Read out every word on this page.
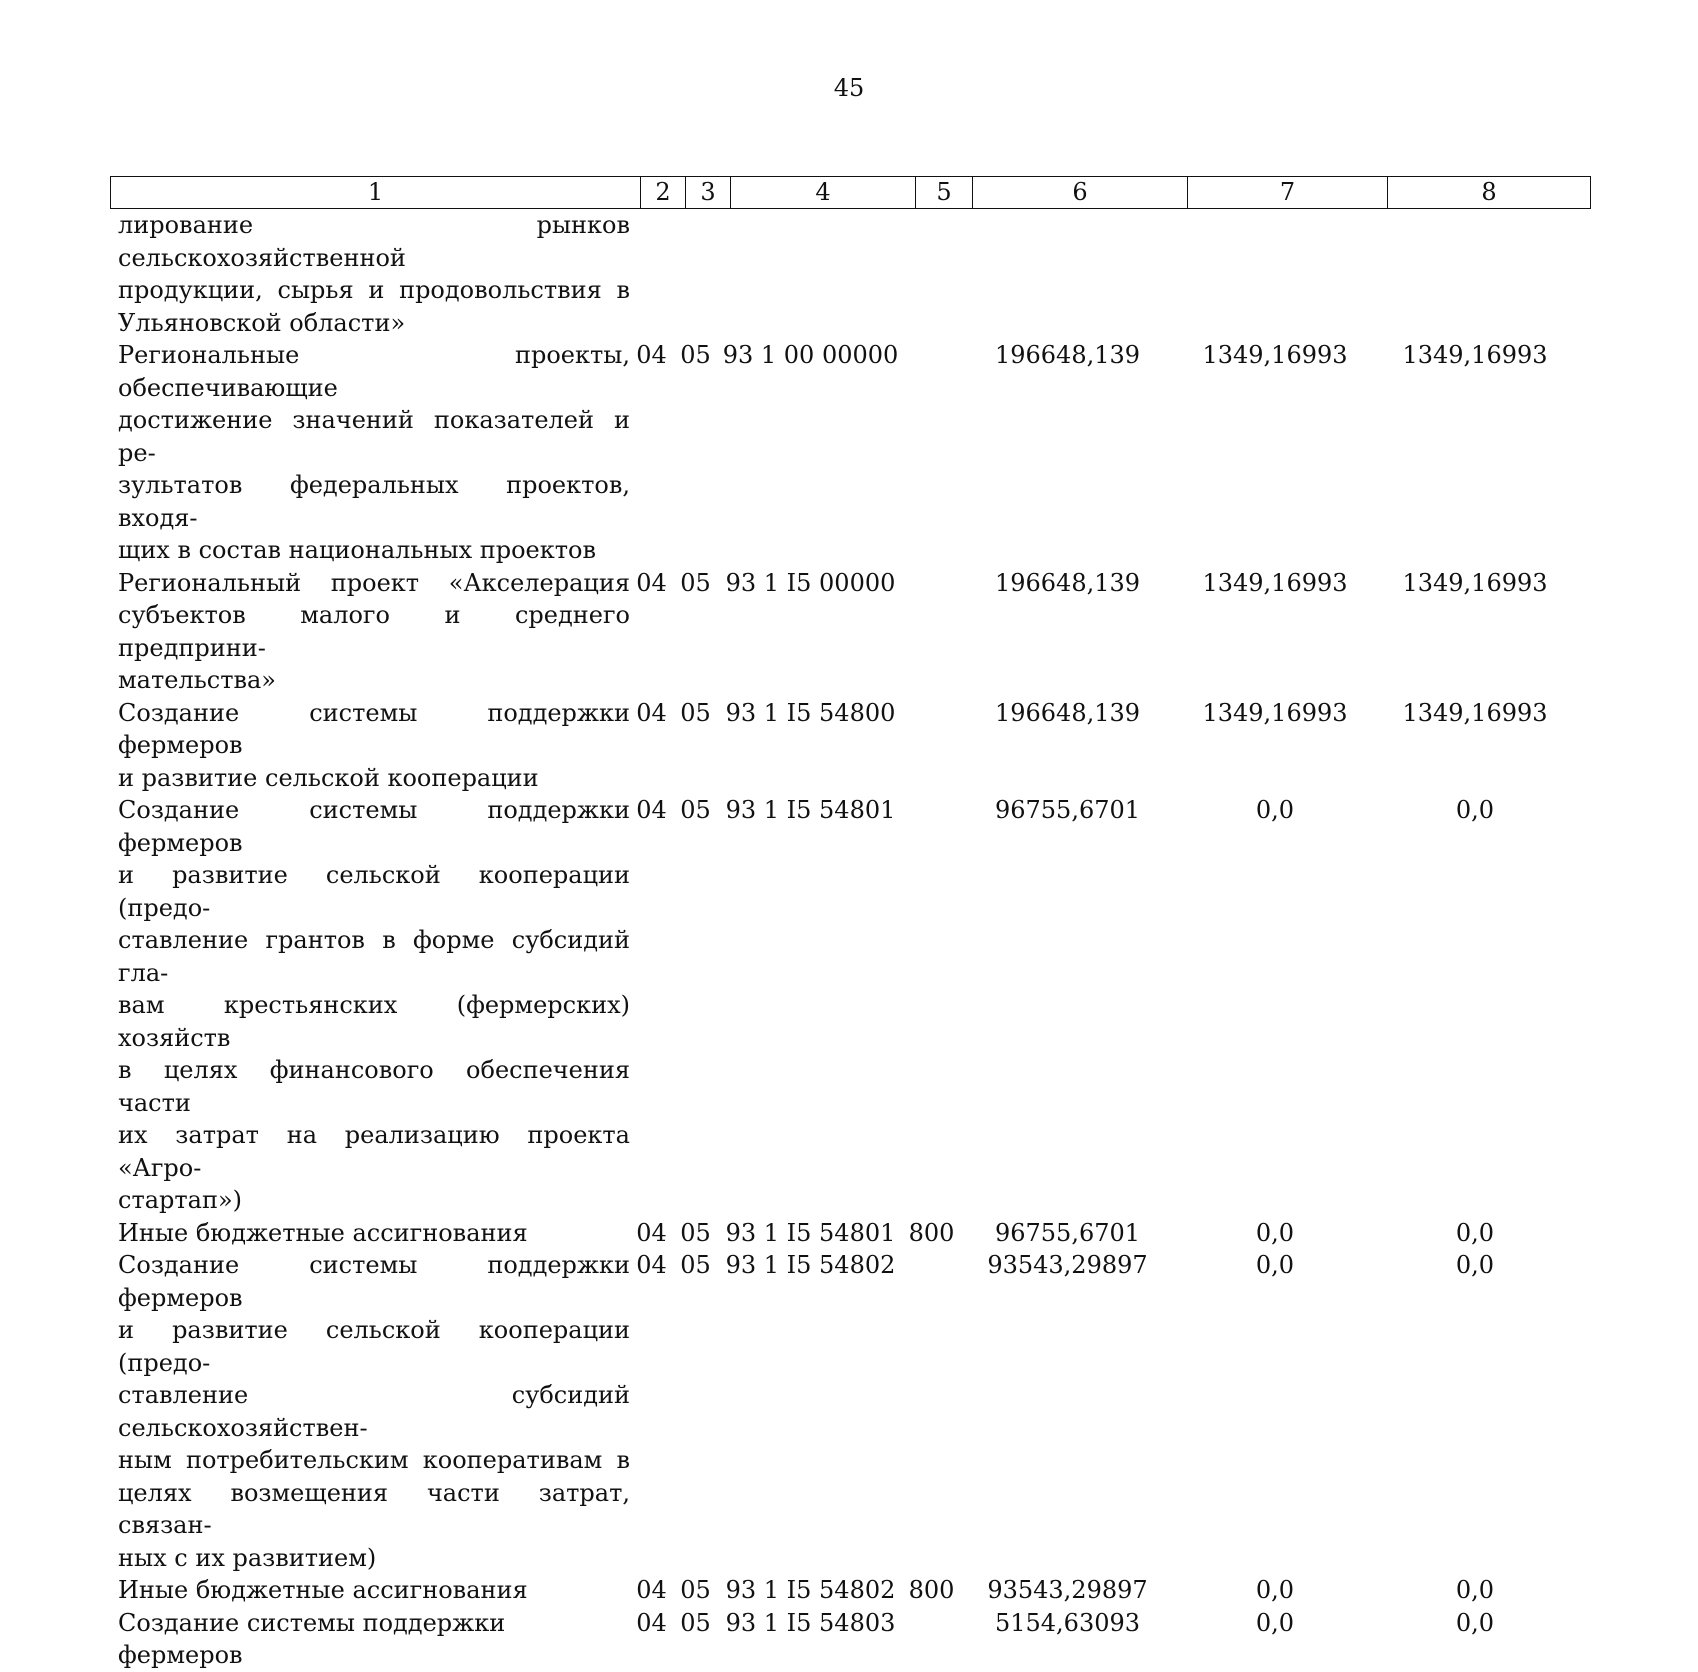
45
1	2	3	4	5	6	7	8
лирование рынков сельскохозяйственной
продукции, сырья и продовольствия в
Ульяновской области»
Региональные проекты, обеспечивающие
достижение значений показателей и ре-
зультатов федеральных проектов, входя-
щих в состав национальных проектов
04 05 93 1 00 00000	196648,139	1349,16993	1349,16993
Региональный проект «Акселерация
субъектов малого и среднего предприни-
мательства»
04 05 93 1 I5 00000	196648,139	1349,16993	1349,16993
Создание системы поддержки фермеров
и развитие сельской кооперации
04 05 93 1 I5 54800	196648,139	1349,16993	1349,16993
Создание системы поддержки фермеров
и развитие сельской кооперации (предо-
ставление грантов в форме субсидий гла-
вам крестьянских (фермерских) хозяйств
в целях финансового обеспечения части
их затрат на реализацию проекта «Агро-
стартап»)
04 05 93 1 I5 54801	96755,6701	0,0	0,0
Иные бюджетные ассигнования	04 05 93 1 I5 54801 800	96755,6701	0,0	0,0
Создание системы поддержки фермеров
и развитие сельской кооперации (предо-
ставление субсидий сельскохозяйствен-
ным потребительским кооперативам в
целях возмещения части затрат, связан-
ных с их развитием)
04 05 93 1 I5 54802	93543,29897	0,0	0,0
Иные бюджетные ассигнования	04 05 93 1 I5 54802 800	93543,29897	0,0	0,0
Создание системы поддержки фермеров
04 05 93 1 I5 54803	5154,63093	0,0	0,0
